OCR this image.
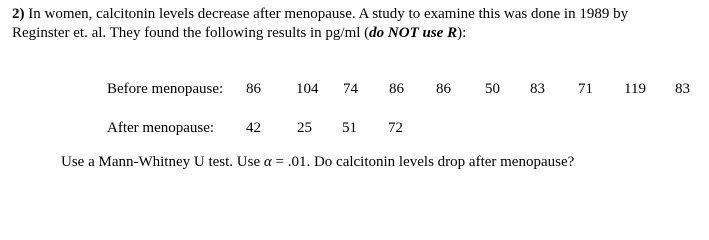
2) In women, calcitonin levels decrease after menopause. A study to examine this was done in 1989 by
Reginster et. al. They found the following results in pg/ml (do NOT use R):
Before menopause: 86 104 74 86 86 50 83 71 119 83
After menopause: 42 25 51 72
Use a Mann-Whitney U test. Use α = .01. Do calcitonin levels drop after menopause?
